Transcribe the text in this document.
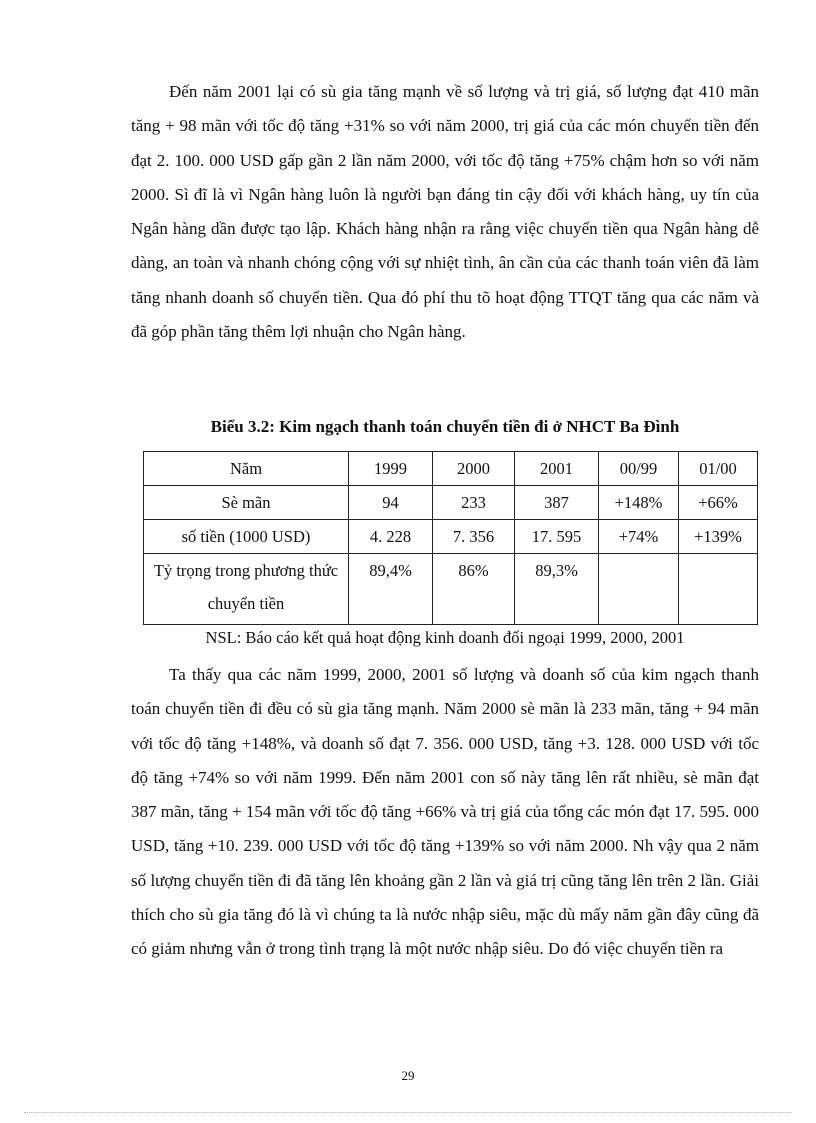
Đến năm 2001 lại có sù gia tăng mạnh về số lượng và trị giá, số lượng đạt 410 mãn tăng + 98 mãn với tốc độ tăng +31% so với năm 2000, trị giá của các món chuyển tiền đến đạt 2. 100. 000 USD gấp gần 2 lần năm 2000, với tốc độ tăng +75% chậm hơn so với năm 2000. Sì đĩ là vì Ngân hàng luôn là người bạn đáng tin cậy đối với khách hàng, uy tín của Ngân hàng dần được tạo lập. Khách hàng nhận ra rằng việc chuyển tiền qua Ngân hàng dễ dàng, an toàn và nhanh chóng cộng với sự nhiệt tình, ân cần của các thanh toán viên đã làm tăng nhanh doanh số chuyển tiền. Qua đó phí thu tõ hoạt động TTQT tăng qua các năm và đã góp phần tăng thêm lợi nhuận cho Ngân hàng.

Biểu 3.2: Kim ngạch thanh toán chuyển tiền đi ở NHCT Ba Đình
Năm	1999	2000	2001	00/99	01/00
Sè mãn	94	233	387	+148%	+66%
số tiền (1000 USD)	4. 228	7. 356	17. 595	+74%	+139%
Tỷ trọng trong phương thức chuyển tiền	89,4%	86%	89,3%		
NSL: Báo cáo kết quả hoạt động kinh doanh đối ngoại 1999, 2000, 2001

Ta thấy qua các năm 1999, 2000, 2001 số lượng và doanh số của kim ngạch thanh toán chuyển tiền đi đều có sù gia tăng mạnh. Năm 2000 sè mãn là 233 mãn, tăng + 94 mãn với tốc độ tăng +148%, và doanh số đạt 7. 356. 000 USD, tăng +3. 128. 000 USD với tốc độ tăng +74% so với năm 1999. Đến năm 2001 con số này tăng lên rất nhiều, sè mãn đạt 387 mãn, tăng + 154 mãn với tốc độ tăng +66% và trị giá của tổng các món đạt 17. 595. 000 USD, tăng +10. 239. 000 USD với tốc độ tăng +139% so với năm 2000. Nh vậy qua 2 năm số lượng chuyển tiền đi đã tăng lên khoảng gần 2 lần và giá trị cũng tăng lên trên 2 lần. Giải thích cho sù gia tăng đó là vì chúng ta là nước nhập siêu, mặc dù mấy năm gần đây cũng đã có giảm nhưng vẫn ở trong tình trạng là một nước nhập siêu. Do đó việc chuyển tiền ra

29
